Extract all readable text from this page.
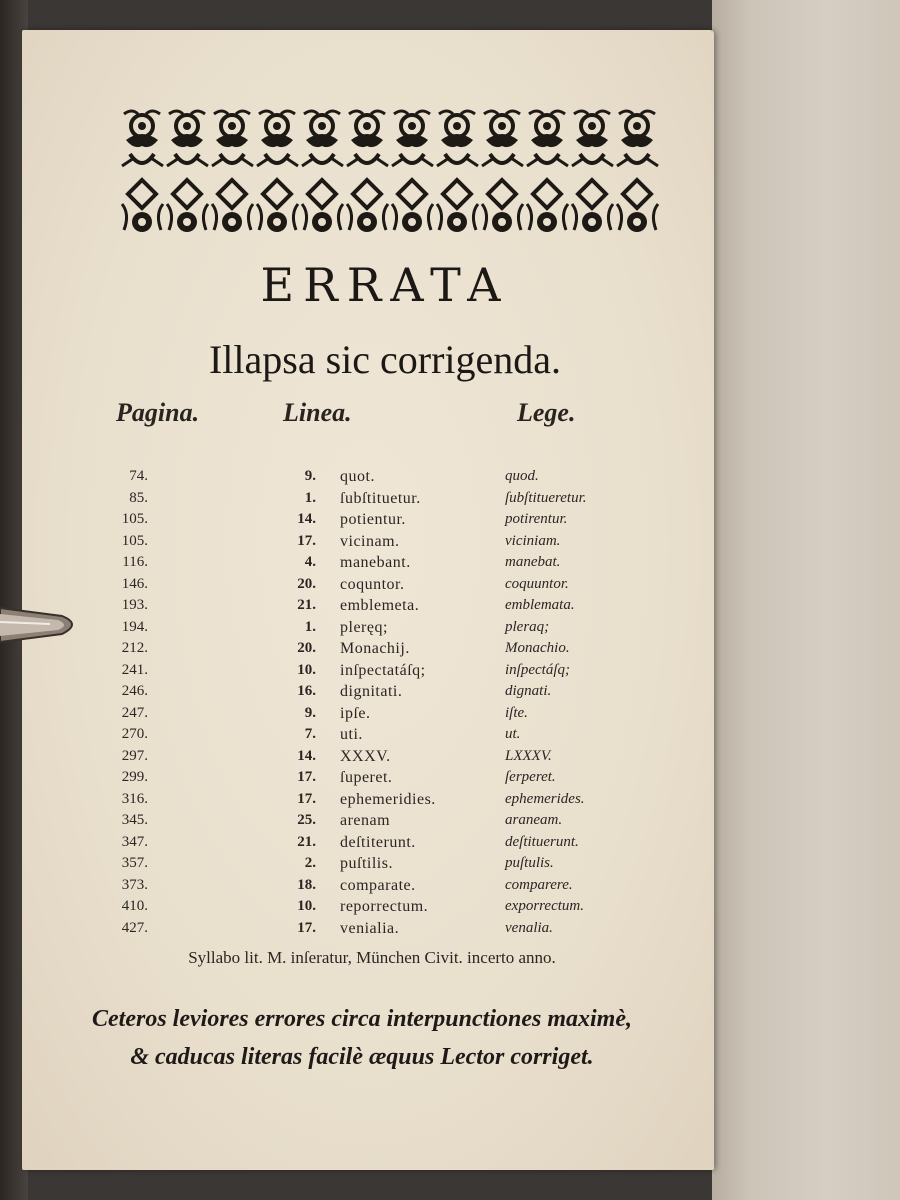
ERRATA
Illapsa sic corrigenda.
Pagina.	Linea.	Lege.
74.	9. quot.	quod.
85.	1. ſubſtituetur.	ſubſtitueretur.
105.	14. potientur.	potirentur.
105.	17. vicinam.	viciniam.
116.	4. manebant.	manebat.
146.	20. coquntor.	coquuntor.
193.	21. emblemeta.	emblemata.
194.	1. pleręq;	pleraq;
212.	20. Monachij.	Monachio.
241.	10. inſpectatáſq;	inſpectáſq;
246.	16. dignitati.	dignati.
247.	9. ipſe.	iſte.
270.	7. uti.	ut.
297.	14. XXXV.	LXXXV.
299.	17. ſuperet.	ſerperet.
316.	17. ephemeridies.	ephemerides.
345.	25. arenam	araneam.
347.	21. deſtiterunt.	deſtituerunt.
357.	2. puſtilis.	puſtulis.
373.	18. comparate.	comparere.
410.	10. reporrectum.	exporrectum.
427.	17. venialia.	venalia.
Syllabo lit. M. inſeratur, München Civit. incerto anno.
Ceteros leviores errores circa interpunctiones maximè, & caducas literas facilè æquus Lector corriget.
